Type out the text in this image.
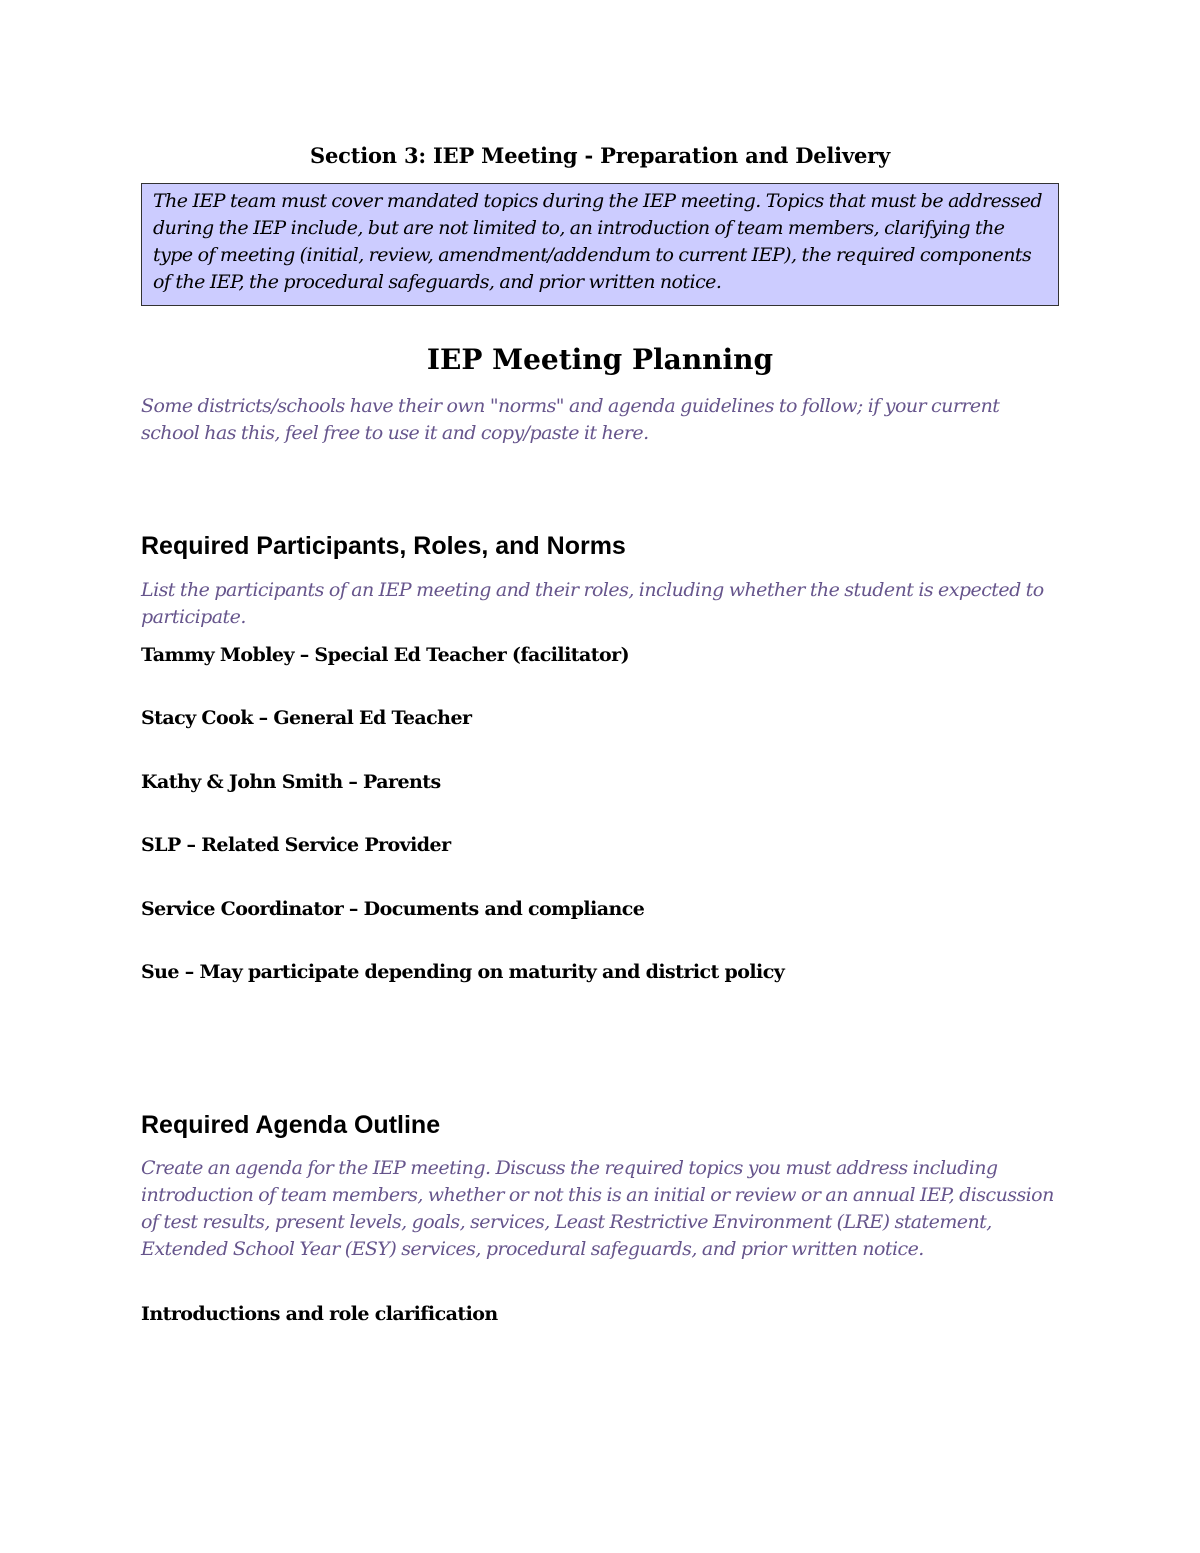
Section 3: IEP Meeting - Preparation and Delivery
The IEP team must cover mandated topics during the IEP meeting. Topics that must be addressed during the IEP include, but are not limited to, an introduction of team members, clarifying the type of meeting (initial, review, amendment/addendum to current IEP), the required components of the IEP, the procedural safeguards, and prior written notice.
IEP Meeting Planning

Some districts/schools have their own "norms" and agenda guidelines to follow; if your current school has this, feel free to use it and copy/paste it here.

Required Participants, Roles, and Norms

List the participants of an IEP meeting and their roles, including whether the student is expected to participate.

Tammy Mobley – Special Ed Teacher (facilitator)

Stacy Cook – General Ed Teacher

Kathy & John Smith – Parents

SLP – Related Service Provider

Service Coordinator – Documents and compliance

Sue – May participate depending on maturity and district policy

Required Agenda Outline

Create an agenda for the IEP meeting. Discuss the required topics you must address including introduction of team members, whether or not this is an initial or review or an annual IEP, discussion of test results, present levels, goals, services, Least Restrictive Environment (LRE) statement, Extended School Year (ESY) services, procedural safeguards, and prior written notice.

Introductions and role clarification
